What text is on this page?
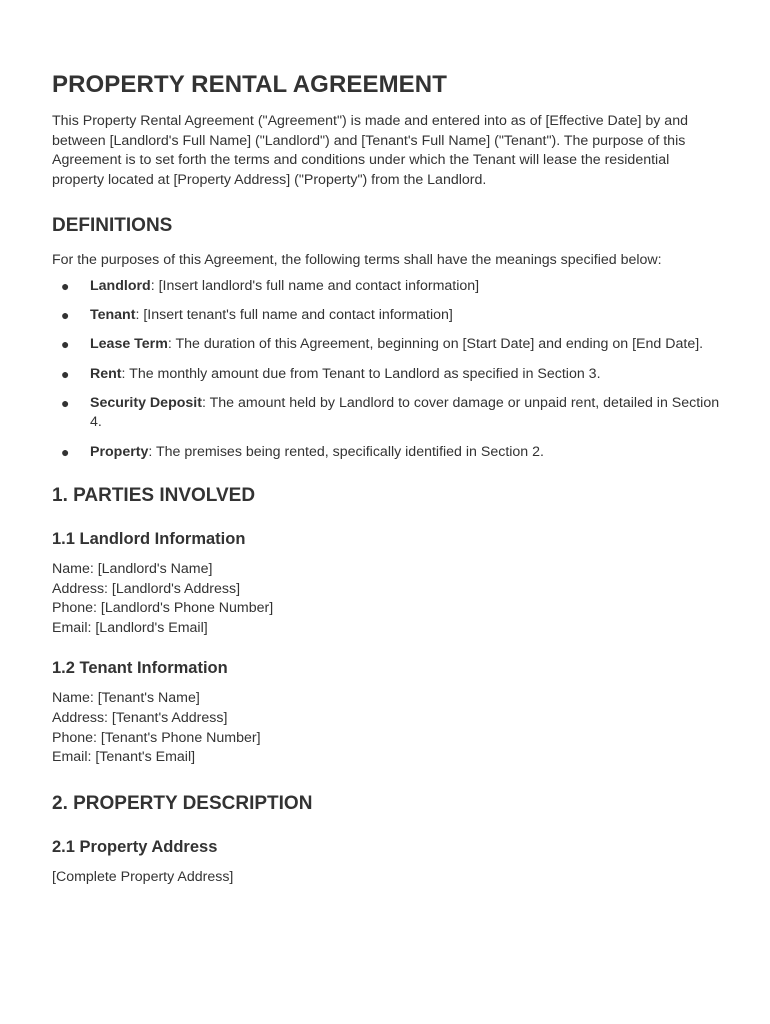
PROPERTY RENTAL AGREEMENT

This Property Rental Agreement ("Agreement") is made and entered into as of [Effective Date] by and between [Landlord's Full Name] ("Landlord") and [Tenant's Full Name] ("Tenant"). The purpose of this Agreement is to set forth the terms and conditions under which the Tenant will lease the residential property located at [Property Address] ("Property") from the Landlord.

DEFINITIONS

For the purposes of this Agreement, the following terms shall have the meanings specified below:

● Landlord: [Insert landlord's full name and contact information]
● Tenant: [Insert tenant's full name and contact information]
● Lease Term: The duration of this Agreement, beginning on [Start Date] and ending on [End Date].
● Rent: The monthly amount due from Tenant to Landlord as specified in Section 3.
● Security Deposit: The amount held by Landlord to cover damage or unpaid rent, detailed in Section 4.
● Property: The premises being rented, specifically identified in Section 2.
1. PARTIES INVOLVED
1.1 Landlord Information
Name: [Landlord's Name]
Address: [Landlord's Address]
Phone: [Landlord's Phone Number]
Email: [Landlord's Email]
1.2 Tenant Information
Name: [Tenant's Name]
Address: [Tenant's Address]
Phone: [Tenant's Phone Number]
Email: [Tenant's Email]
2. PROPERTY DESCRIPTION
2.1 Property Address
[Complete Property Address]
